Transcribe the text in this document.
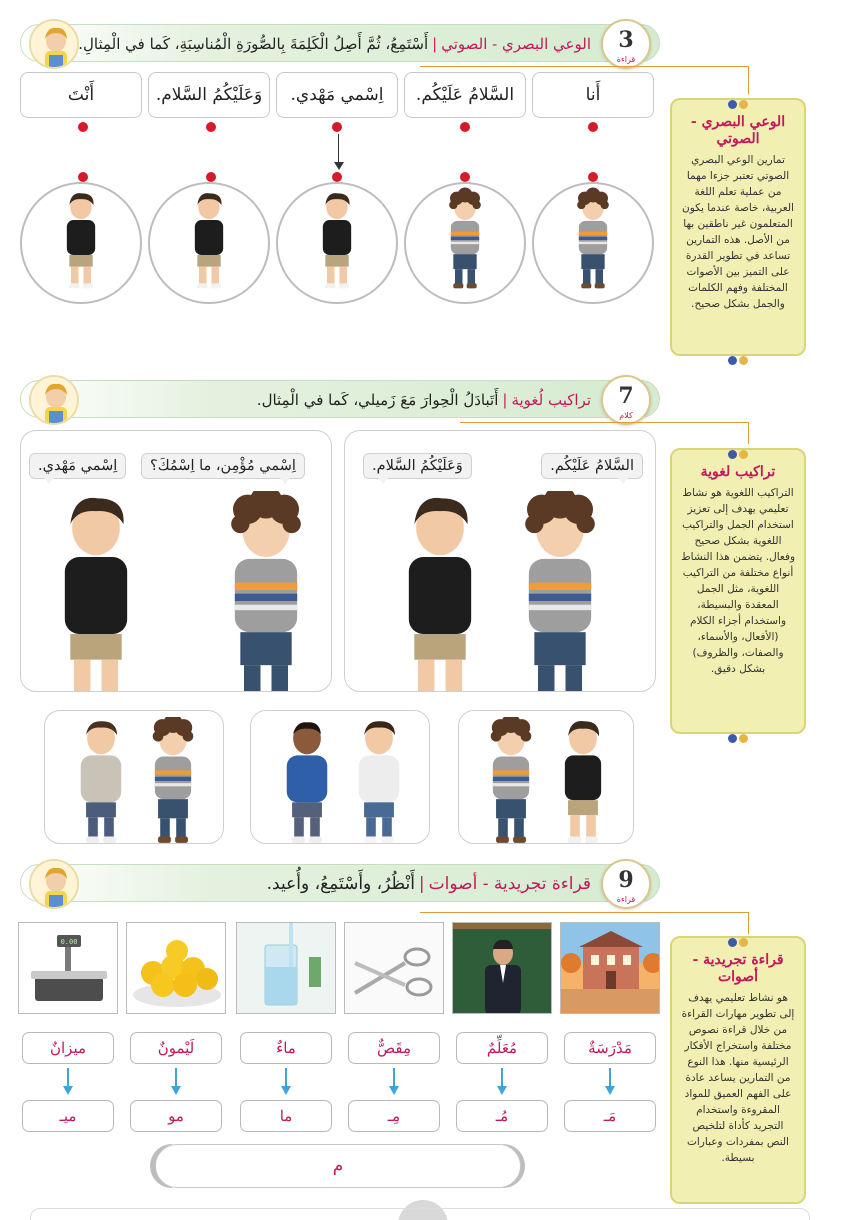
الوعي البصري - الصوتي|أَسْتَمِعُ، ثُمَّ أَصِلُ الْكَلِمَةَ بِالصُّورَةِ الْمُناسِبَةِ، كَما في الْمِثالِ.	3
قراءة
الوعي البصري - الصوتي
تمارين الوعي البصري الصوتي تعتبر جزءا مهما من عملية تعلم اللغة العربية، خاصة عندما يكون المتعلمون غير ناطقين بها من الأصل. هذه التمارين تساعد في تطوير القدرة على التميز بين الأصوات المختلفة وفهم الكلمات والجمل بشكل صحيح.
أَنا
السَّلامُ عَلَيْكُم.
اِسْمي مَهْدي.
وَعَلَيْكُمُ السَّلام.
أَنْتَ
تراكيب لُغوية|أَتَبادَلُ الْحِوارَ مَعَ زَميلي، كَما في الْمِثال.	7
كلام
تراكيب لغوية
التراكيب اللغوية هو نشاط تعليمي يهدف إلى تعزيز استخدام الجمل والتراكيب اللغوية بشكل صحيح وفعال. يتضمن هذا النشاط أنواع مختلفة من التراكيب اللغوية، مثل الجمل المعقدة والبسيطة، واستخدام أجزاء الكلام (الأفعال، والأسماء، والصفات، والظروف) بشكل دقيق.
السَّلامُ عَلَيْكُم.
وَعَلَيْكُمُ السَّلام.
اِسْمي مُؤْمِن، ما اِسْمُكَ؟
اِسْمي مَهْدي.
قراءة تجريدية - أصوات|أَنْظُرُ، وأَسْتَمِعُ، وأُعيد.	9
قراءة
قراءة تجريدية - أصوات
هو نشاط تعليمي يهدف إلى تطوير مهارات القراءة من خلال قراءة نصوص مختلفة واستخراج الأفكار الرئيسية منها. هذا النوع من التمارين يساعد عادة على الفهم العميق للمواد المقروءة واستخدام التجريد كأداة لتلخيص النص بمفردات وعبارات بسيطة.
0.00
مَدْرَسَةٌ
مُعَلِّمٌ
مِقَصٌّ
ماءٌ
لَيْمونٌ
ميزانٌ
مَـ
مُـ
مِـ
ما
مو
ميـ
م
